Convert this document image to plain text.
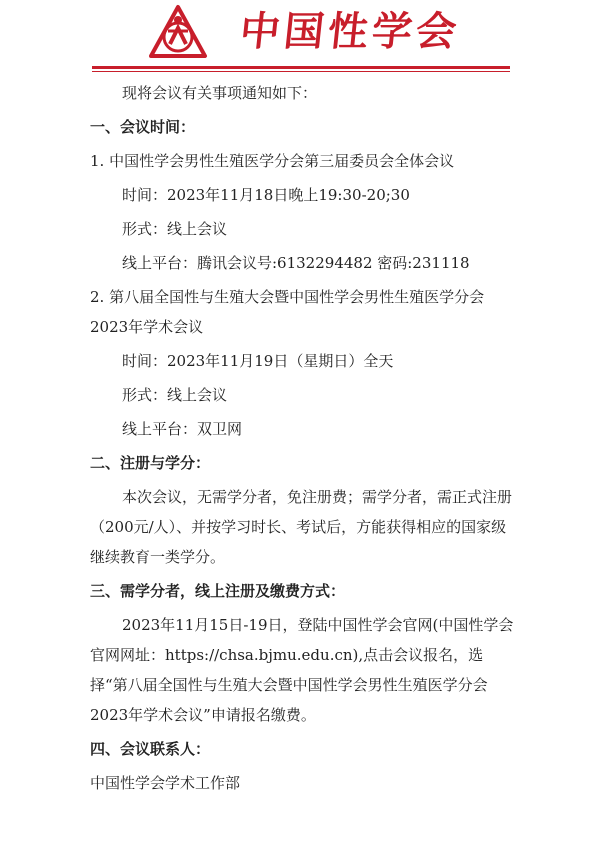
中国性学会

现将会议有关事项通知如下：

一、会议时间：

1. 中国性学会男性生殖医学分会第三届委员会全体会议

时间：2023年11月18日晚上19:30-20;30

形式：线上会议

线上平台：腾讯会议号:6132294482 密码:231118

2. 第八届全国性与生殖大会暨中国性学会男性生殖医学分会2023年学术会议

时间：2023年11月19日（星期日）全天

形式：线上会议

线上平台：双卫网

二、注册与学分：

本次会议，无需学分者，免注册费；需学分者，需正式注册（200元/人）、并按学习时长、考试后，方能获得相应的国家级继续教育一类学分。

三、需学分者，线上注册及缴费方式：

2023年11月15日-19日，登陆中国性学会官网(中国性学会官网网址：https://chsa.bjmu.edu.cn),点击会议报名，选择“第八届全国性与生殖大会暨中国性学会男性生殖医学分会2023年学术会议”申请报名缴费。

四、会议联系人：

中国性学会学术工作部
